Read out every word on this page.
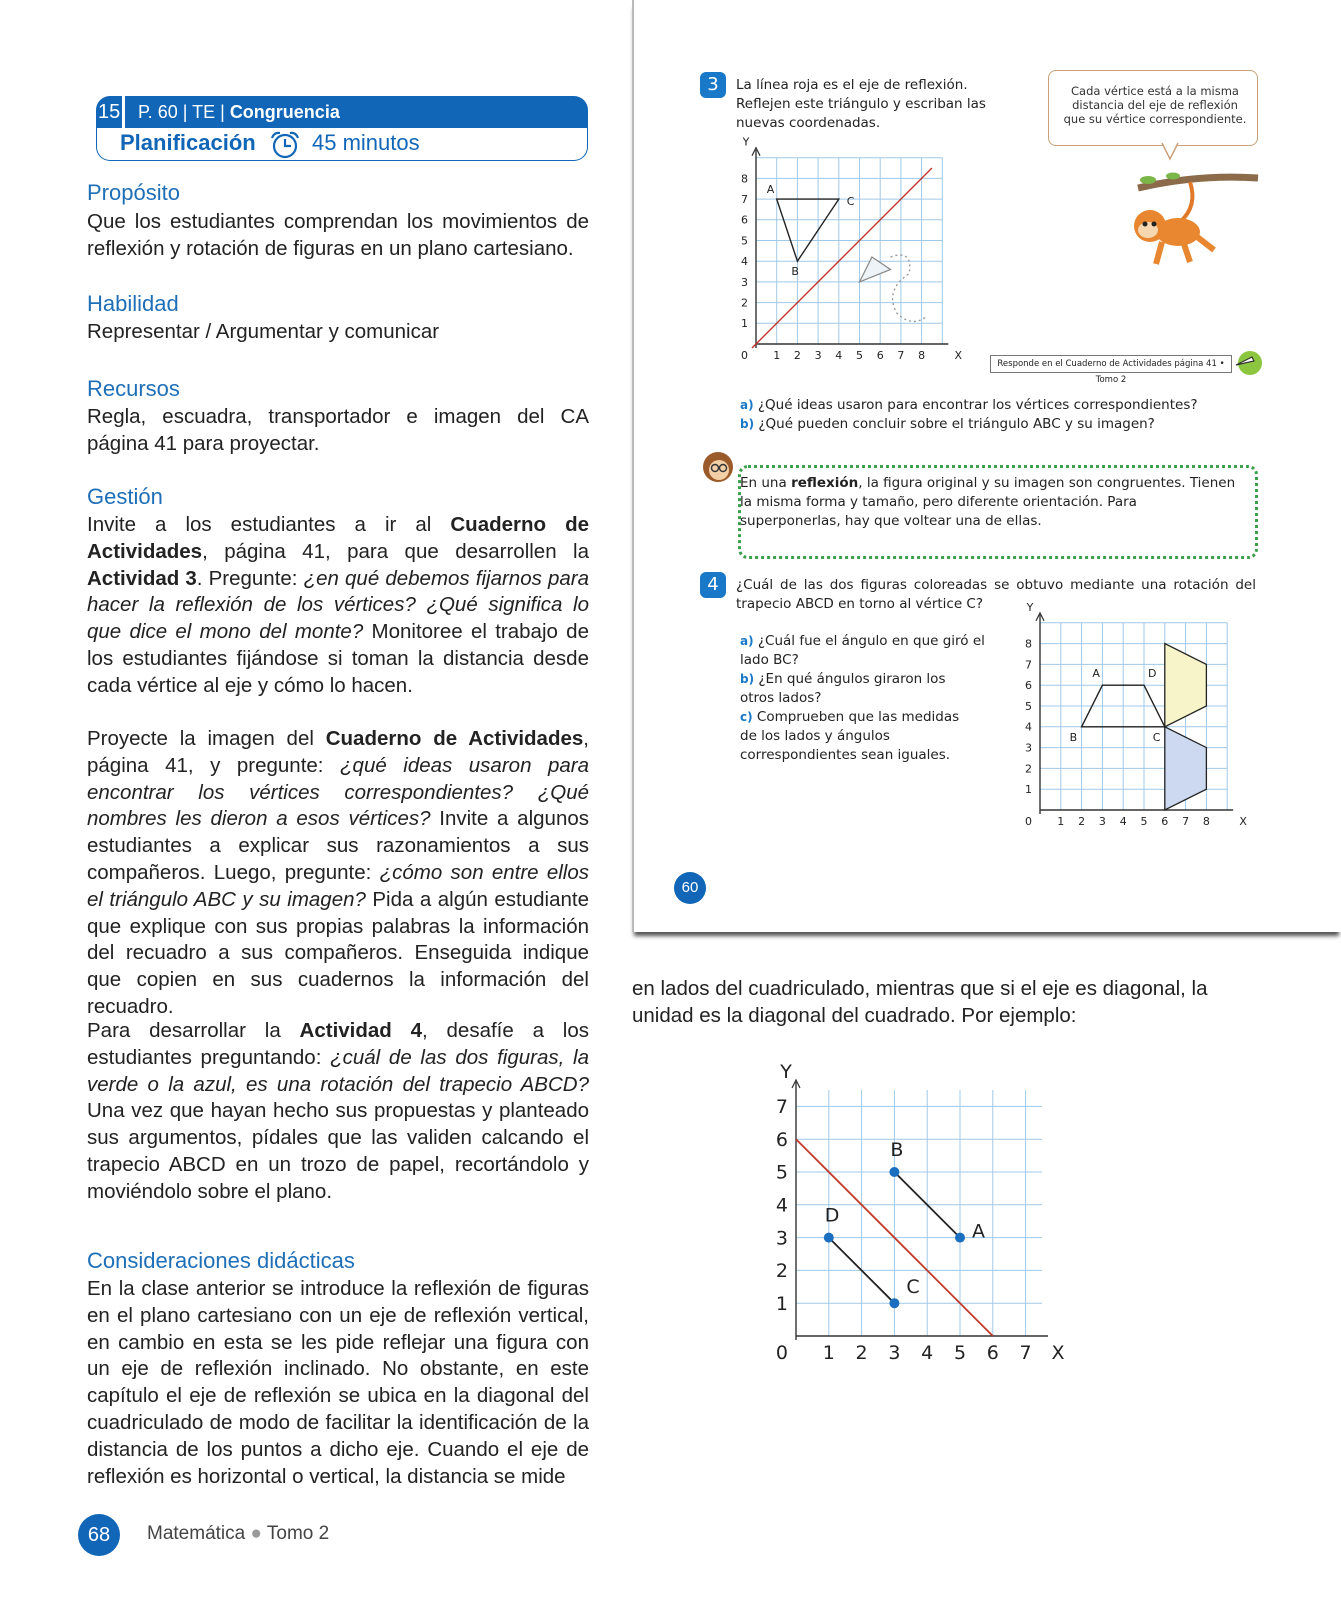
15 P. 60 | TE | Congruencia
Planificación	45 minutos
Propósito
Que los estudiantes comprendan los movimientos de reflexión y rotación de figuras en un plano cartesiano.
Habilidad
Representar / Argumentar y comunicar
Recursos
Regla, escuadra, transportador e imagen del CA página 41 para proyectar.
Gestión
Invite a los estudiantes a ir al Cuaderno de Actividades, página 41, para que desarrollen la Actividad 3. Pregunte: ¿en qué debemos fijarnos para hacer la reflexión de los vértices? ¿Qué significa lo que dice el mono del monte? Monitoree el trabajo de los estudiantes fijándose si toman la distancia desde cada vértice al eje y cómo lo hacen.
Proyecte la imagen del Cuaderno de Actividades, página 41, y pregunte: ¿qué ideas usaron para encontrar los vértices correspondientes? ¿Qué nombres les dieron a esos vértices? Invite a algunos estudiantes a explicar sus razonamientos a sus compañeros. Luego, pregunte: ¿cómo son entre ellos el triángulo ABC y su imagen? Pida a algún estudiante que explique con sus propias palabras la información del recuadro a sus compañeros. Enseguida indique que copien en sus cuadernos la información del recuadro.
Para desarrollar la Actividad 4, desafíe a los estudiantes preguntando: ¿cuál de las dos figuras, la verde o la azul, es una rotación del trapecio ABCD? Una vez que hayan hecho sus propuestas y planteado sus argumentos, pídales que las validen calcando el trapecio ABCD en un trozo de papel, recortándolo y moviéndolo sobre el plano.
Consideraciones didácticas
En la clase anterior se introduce la reflexión de figuras en el plano cartesiano con un eje de reflexión vertical, en cambio en esta se les pide reflejar una figura con un eje de reflexión inclinado. No obstante, en este capítulo el eje de reflexión se ubica en la diagonal del cuadriculado de modo de facilitar la identificación de la distancia de los puntos a dicho eje. Cuando el eje de reflexión es horizontal o vertical, la distancia se mide
68	Matemática ● Tomo 2
3	La línea roja es el eje de reflexión. Reflejen este triángulo y escriban las nuevas coordenadas.
Cada vértice está a la misma distancia del eje de reflexión que su vértice correspondiente.
1 2 3 4 5 6 7 8
1
2
3
4
5
6
7
8
0	X
Y
A
C
B
Responde en el Cuaderno de Actividades página 41 • Tomo 2
a) ¿Qué ideas usaron para encontrar los vértices correspondientes?
b) ¿Qué pueden concluir sobre el triángulo ABC y su imagen?
En una reflexión, la figura original y su imagen son congruentes. Tienen la misma forma y tamaño, pero diferente orientación. Para superponerlas, hay que voltear una de ellas.
4	¿Cuál de las dos figuras coloreadas se obtuvo mediante una rotación del trapecio ABCD en torno al vértice C?
a) ¿Cuál fue el ángulo en que giró el lado BC?
b) ¿En qué ángulos giraron los otros lados?
c) Comprueben que las medidas de los lados y ángulos correspondientes sean iguales.
1 2 3 4 5 6 7 8
1
2
3
4
5
6
7
8
0	X
Y
A	D
C
B
60
en lados del cuadriculado, mientras que si el eje es diagonal, la unidad es la diagonal del cuadrado. Por ejemplo:
1 2 3 4 5 6 7
1
2
3
4
5
6
7
0	X
Y
B
A
D
C
